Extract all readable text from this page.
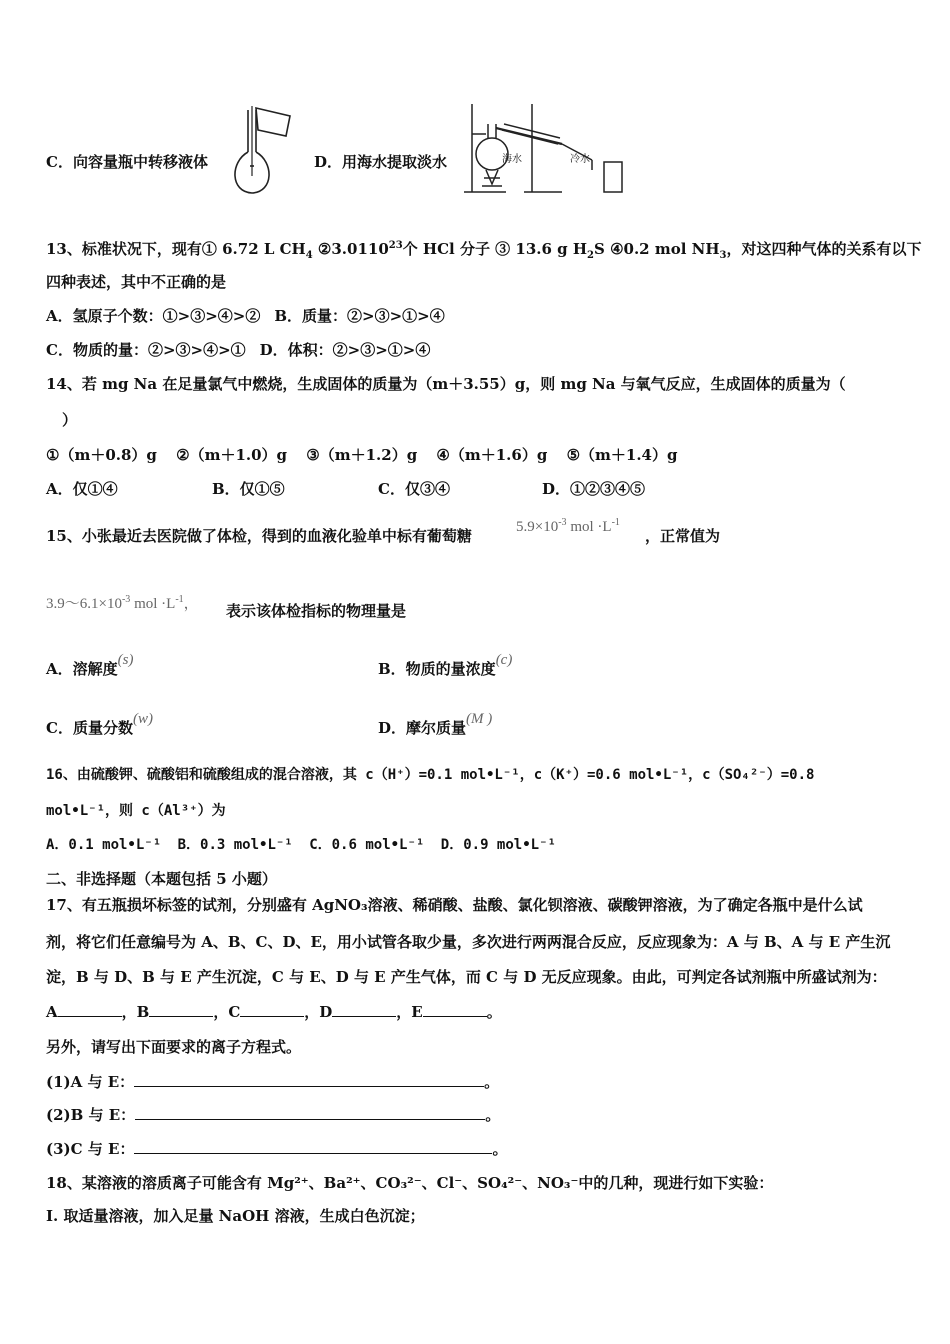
C．向容量瓶中转移液体	D．用海水提取淡水	海水	冷水
13、标准状况下，现有① 6.72 L $CH_4$ ②3.0110$^{23}$个 HCl 分子 ③ 13.6 g $H_2S$ ④0.2 mol $NH_3$，对这四种气体的关系有以下
四种表述，其中不正确的是
A．氢原子个数：①>③>④>② B．质量：②>③>①>④
C．物质的量：②>③>④>① D．体积：②>③>①>④
14、若 mg Na 在足量氯气中燃烧，生成固体的质量为（m＋3.55）g，则 mg Na 与氧气反应，生成固体的质量为（
）
①（m＋0.8）g ②（m＋1.0）g ③（m＋1.2）g ④（m＋1.6）g ⑤（m＋1.4）g
A．仅①④	B．仅①⑤	C．仅③④	D．①②③④⑤
15、小张最近去医院做了体检，得到的血液化验单中标有葡萄糖	$5.9\times 10^{-3}$ mol $\cdot L^{-1}$
，正常值为
$3.9\sim 6.1\times 10^{-3}$ mol $\cdot L^{-1}$， 表示该体检指标的物理量是
A．溶解度(s)	B．物质的量浓度(c)
C．质量分数(w)	D．摩尔质量(M )
16、由硫酸钾、硫酸铝和硫酸组成的混合溶液，其 c（H⁺）=0.1 mol•L⁻¹，c（K⁺）=0.6 mol•L⁻¹，c（SO₄²⁻）=0.8
mol•L⁻¹，则 c（Al³⁺）为
A．0.1 mol•L⁻¹ B．0.3 mol•L⁻¹ C．0.6 mol•L⁻¹ D．0.9 mol•L⁻¹
二、非选择题（本题包括 5 小题）
17、有五瓶损坏标签的试剂，分别盛有 AgNO₃溶液、稀硝酸、盐酸、氯化钡溶液、碳酸钾溶液，为了确定各瓶中是什么试
剂，将它们任意编号为 A、B、C、D、E，用小试管各取少量，多次进行两两混合反应，反应现象为：A 与 B、A 与 E 产生沉
淀，B 与 D、B 与 E 产生沉淀，C 与 E、D 与 E 产生气体，而 C 与 D 无反应现象。由此，可判定各试剂瓶中所盛试剂为：
A	，B	，C	，D	，E	。
另外，请写出下面要求的离子方程式。
(1)A 与 E：	。
(2)B 与 E：	。
(3)C 与 E：	。
18、某溶液的溶质离子可能含有 Mg²⁺、Ba²⁺、CO₃²⁻、Cl⁻、SO₄²⁻、NO₃⁻中的几种，现进行如下实验：
Ⅰ. 取适量溶液，加入足量 NaOH 溶液，生成白色沉淀；
